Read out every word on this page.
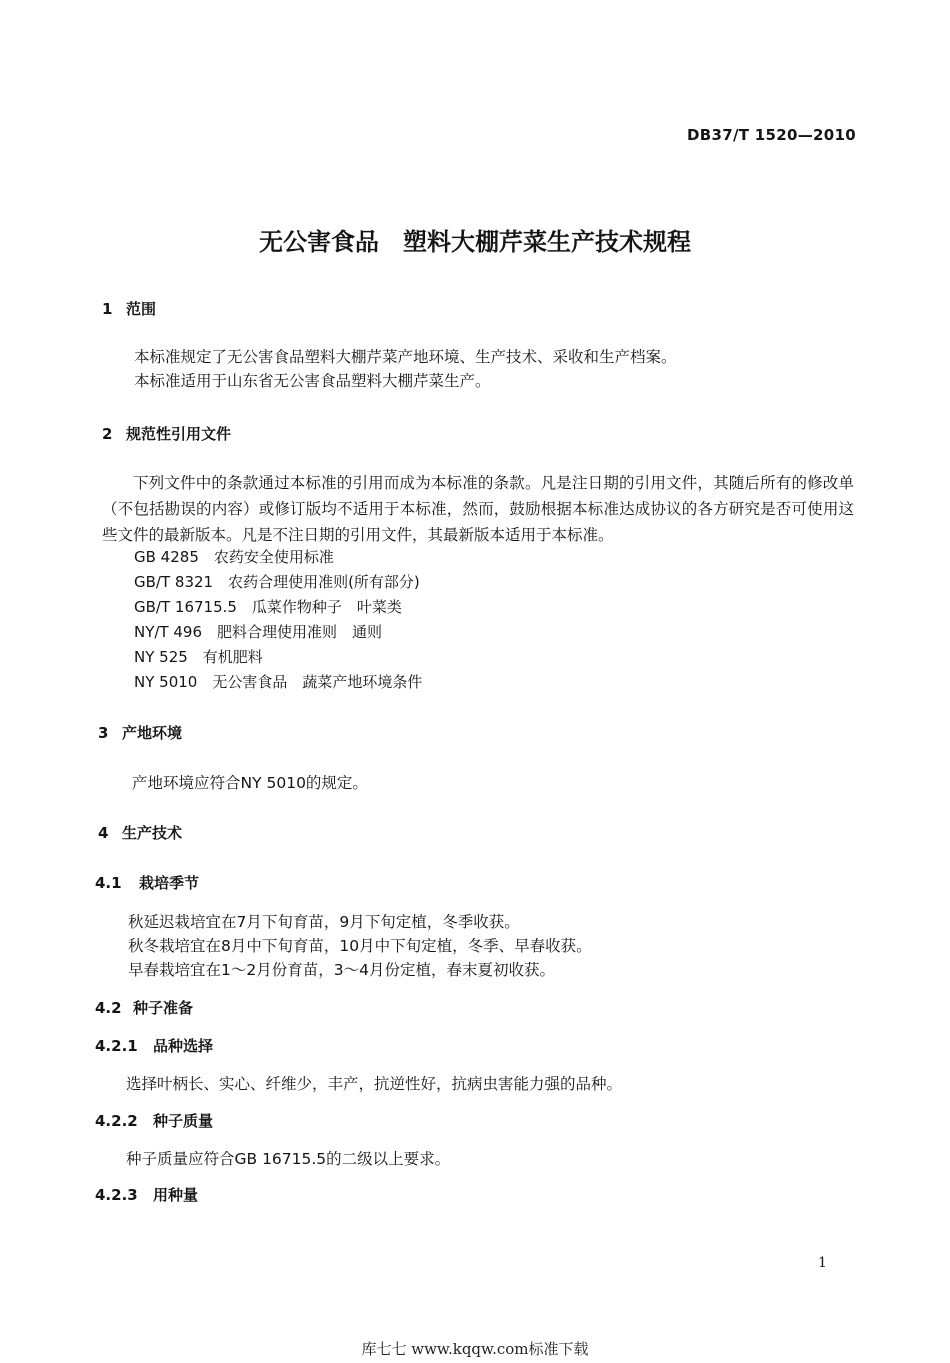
DB37/T 1520—2010
无公害食品　塑料大棚芹菜生产技术规程
1 范围
本标准规定了无公害食品塑料大棚芹菜产地环境、生产技术、采收和生产档案。
本标准适用于山东省无公害食品塑料大棚芹菜生产。
2 规范性引用文件
下列文件中的条款通过本标准的引用而成为本标准的条款。凡是注日期的引用文件，其随后所有的修改单（不包括勘误的内容）或修订版均不适用于本标准，然而，鼓励根据本标准达成协议的各方研究是否可使用这些文件的最新版本。凡是不注日期的引用文件，其最新版本适用于本标准。
GB 4285　农药安全使用标准
GB/T 8321　农药合理使用准则(所有部分)
GB/T 16715.5　瓜菜作物种子　叶菜类
NY/T 496　肥料合理使用准则　通则
NY 525　有机肥料
NY 5010　无公害食品　蔬菜产地环境条件
3 产地环境
产地环境应符合NY 5010的规定。
4 生产技术
4.1 栽培季节
秋延迟栽培宜在7月下旬育苗，9月下旬定植，冬季收获。
秋冬栽培宜在8月中下旬育苗，10月中下旬定植，冬季、早春收获。
早春栽培宜在1～2月份育苗，3～4月份定植，春末夏初收获。
4.2 种子准备
4.2.1 品种选择
选择叶柄长、实心、纤维少，丰产，抗逆性好，抗病虫害能力强的品种。
4.2.2 种子质量
种子质量应符合GB 16715.5的二级以上要求。
4.2.3 用种量
1
库七七 www.kqqw.com标准下载
